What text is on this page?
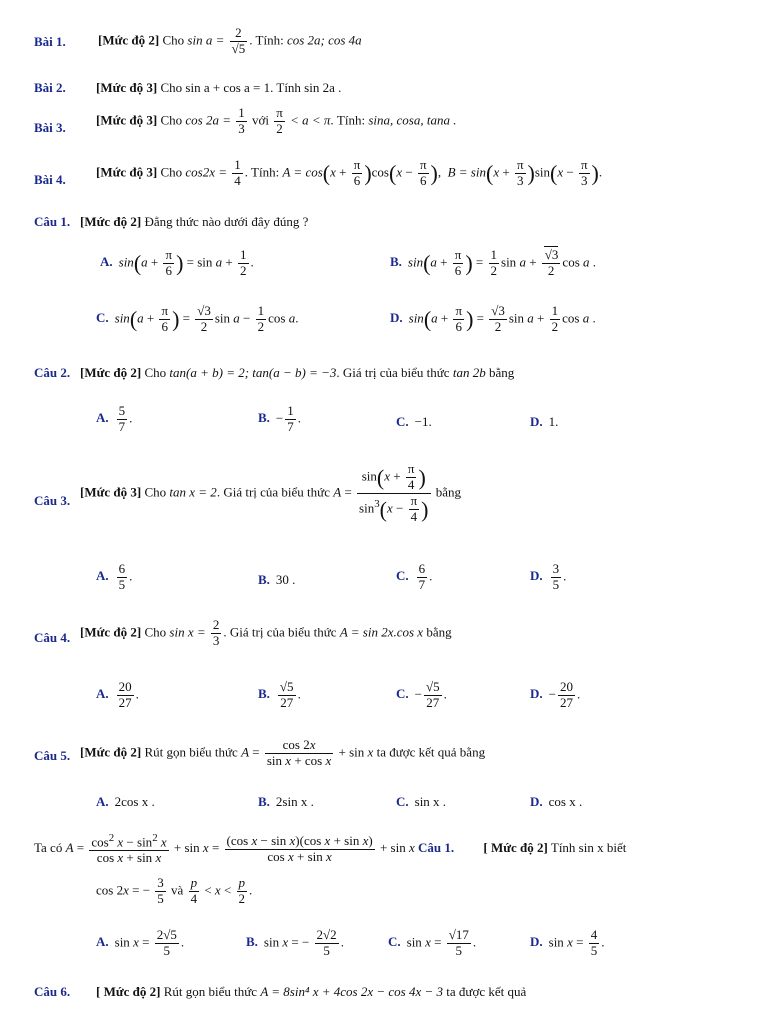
Bài 1. [Mức độ 2] Cho $\sin a = \frac{2}{√5}$ . Tính: cos 2a; cos 4a
Bài 2. [Mức độ 3] Cho sin a + cos a = 1. Tính sin 2a .
Bài 3.
[Mức độ 3] Cho $\cos 2a = \frac{1}{3}$ với $\frac{\pi}{2} < a < \pi$. Tính: sina, cosa, tana .
Bài 4.
[Mức độ 3] Cho $\cos 2x = \frac{1}{4}$ . Tính: $A = \cos(x + \frac{\pi}{6} )\cos(x - \frac{\pi}{6}$ ),  $B = \sin(x + \frac{\pi}{3} )\sin(x - \frac{\pi}{3}$ ).
Câu 1. [Mức độ 2] Đẳng thức nào dưới đây đúng ?
A. $\sin(a + \frac{\pi}{6}$ ) = $\sin a + \frac{1}{2}$ .	B. $\sin(a + \frac{\pi}{6}$ ) = $\frac{1}{2}$ $\sin a + \frac{√3}{2}$ cos a .
C. $\sin(a + \frac{\pi}{6}$ ) = $\frac{√3}{2}$ $\sin a - \frac{1}{2}$ cos a.	D. $\sin(a + \frac{\pi}{6}$ ) = $\frac{√3}{2}$ $\sin a + \frac{1}{2}$ cos a .
Câu 2. [Mức độ 2] Cho tan(a + b) = 2; tan(a − b) = −3. Giá trị của biểu thức tan 2b bằng
A. $\frac{5}{7}$ .	B. − $\frac{1}{7}$ .	C. −1.	D. 1.
Câu 3.
[Mức độ 3] Cho tan x = 2. Giá trị của biểu thức $A = \frac{\sin(x + \frac{\pi}{4} )}{\sin^3(x - \frac{\pi}{4} )}$ bằng
A. $\frac{6}{5}$ .	B. 30 .	C. $\frac{6}{7}$ .	D. $\frac{3}{5}$ .
Câu 4. [Mức độ 2] Cho $\sin x = \frac{2}{3}$ . Giá trị của biểu thức A = sin 2x.cos x bằng
A. $\frac{20}{27}$ .	B. $\frac{√5}{27}$ .	C. − $\frac{√5}{27}$ .	D. − $\frac{20}{27}$ .
Câu 5. [Mức độ 2] Rút gọn biểu thức $A = \frac{\cos 2x}{\text{sin x + cos x}} + \sin x$ ta được kết quả bằng
A. 2cos x .	B. 2sin x .	C. sin x .	D. cos x .
Ta có $A = \frac{\cos^2 x - \sin^2 x}{\text{cos x + sin x}} + \sin x = \frac{\text{(cos x − sin x)(cos x + sin x)}}{\text{cos x + sin x}} + \sin x$ Câu 1. [ Mức độ 2] Tính sin x biết
cos 2x = − $\frac{3}{5}$ và $\frac{p}{4} < x < \frac{p}{2}$ .
A. $\sin x = \frac{2√5}{5}$ .	B. sin x = − $\frac{2√2}{5}$ .	C. $\sin x = \frac{√17}{5}$ .	D. $\sin x = \frac{4}{5}$ .
Câu 6. [ Mức độ 2] Rút gọn biểu thức A = 8sin⁴ x + 4cos 2x − cos 4x − 3 ta được kết quả
